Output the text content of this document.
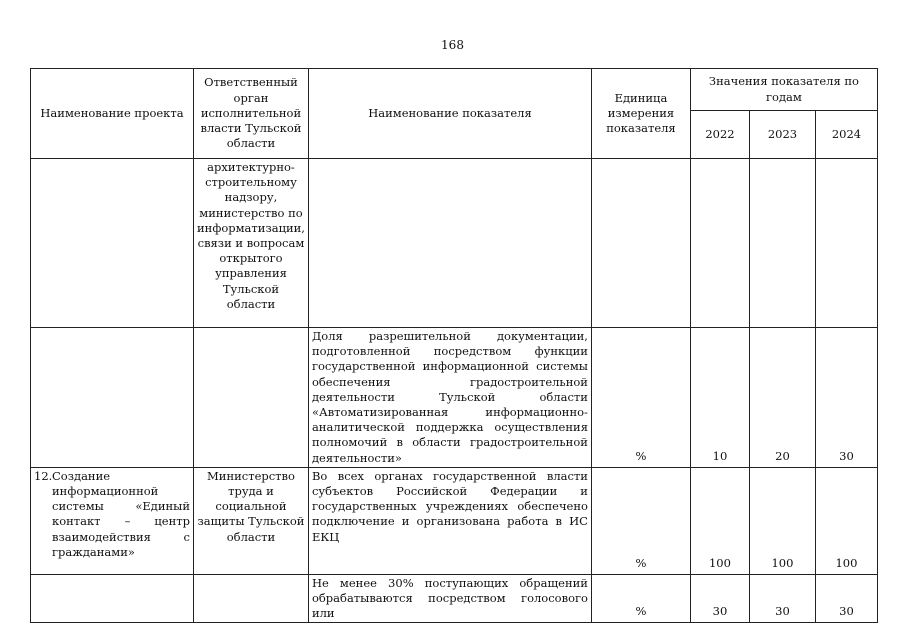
168
Наименование проекта	Ответственный орган исполнительной власти Тульской области	Наименование показателя	Единица измерения показателя	Значения показателя по годам		
				2022	2023	2024
	архитектурно-строительному надзору, министерство по информатизации, связи и вопросам открытого управления Тульской области					
		Доля разрешительной документации, подготовленной посредством функции государственной информационной системы обеспечения градостроительной деятельности Тульской области «Автоматизированная информационно-аналитической поддержка осуществления полномочий в области градостроительной деятельности»	%	10	20	30

12. Создание информационной системы «Единый контакт – центр взаимодействия с гражданами»	Министерство труда и социальной защиты Тульской области	Во всех органах государственной власти субъектов Российской Федерации и государственных учреждениях обеспечено подключение и организована работа в ИС ЕКЦ	%	100	100	100
		Не менее 30% поступающих обращений обрабатываются посредством голосового или	%	30	30	30
